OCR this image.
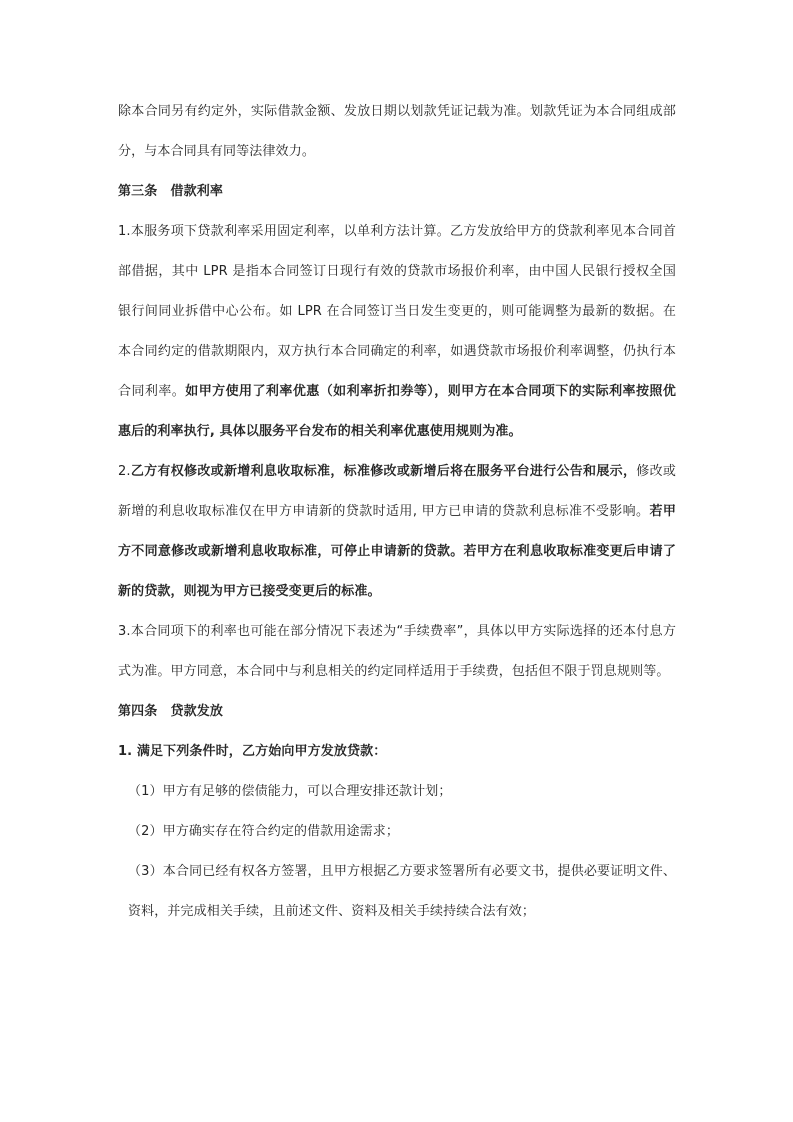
除本合同另有约定外，实际借款金额、发放日期以划款凭证记载为准。划款凭证为本合同组成部分，与本合同具有同等法律效力。

第三条　借款利率

1.本服务项下贷款利率采用固定利率，以单利方法计算。乙方发放给甲方的贷款利率见本合同首部借据，其中 LPR 是指本合同签订日现行有效的贷款市场报价利率，由中国人民银行授权全国银行间同业拆借中心公布。如 LPR 在合同签订当日发生变更的，则可能调整为最新的数据。在本合同约定的借款期限内，双方执行本合同确定的利率，如遇贷款市场报价利率调整，仍执行本合同利率。如甲方使用了利率优惠（如利率折扣券等），则甲方在本合同项下的实际利率按照优惠后的利率执行, 具体以服务平台发布的相关利率优惠使用规则为准。

2.乙方有权修改或新增利息收取标准，标准修改或新增后将在服务平台进行公告和展示，修改或新增的利息收取标准仅在甲方申请新的贷款时适用, 甲方已申请的贷款利息标准不受影响。若甲方不同意修改或新增利息收取标准，可停止申请新的贷款。若甲方在利息收取标准变更后申请了新的贷款，则视为甲方已接受变更后的标准。

3.本合同项下的利率也可能在部分情况下表述为“手续费率”，具体以甲方实际选择的还本付息方式为准。甲方同意，本合同中与利息相关的约定同样适用于手续费，包括但不限于罚息规则等。

第四条　贷款发放

1. 满足下列条件时，乙方始向甲方发放贷款：

（1）甲方有足够的偿债能力，可以合理安排还款计划；

（2）甲方确实存在符合约定的借款用途需求；

（3）本合同已经有权各方签署，且甲方根据乙方要求签署所有必要文书，提供必要证明文件、资料，并完成相关手续，且前述文件、资料及相关手续持续合法有效；
